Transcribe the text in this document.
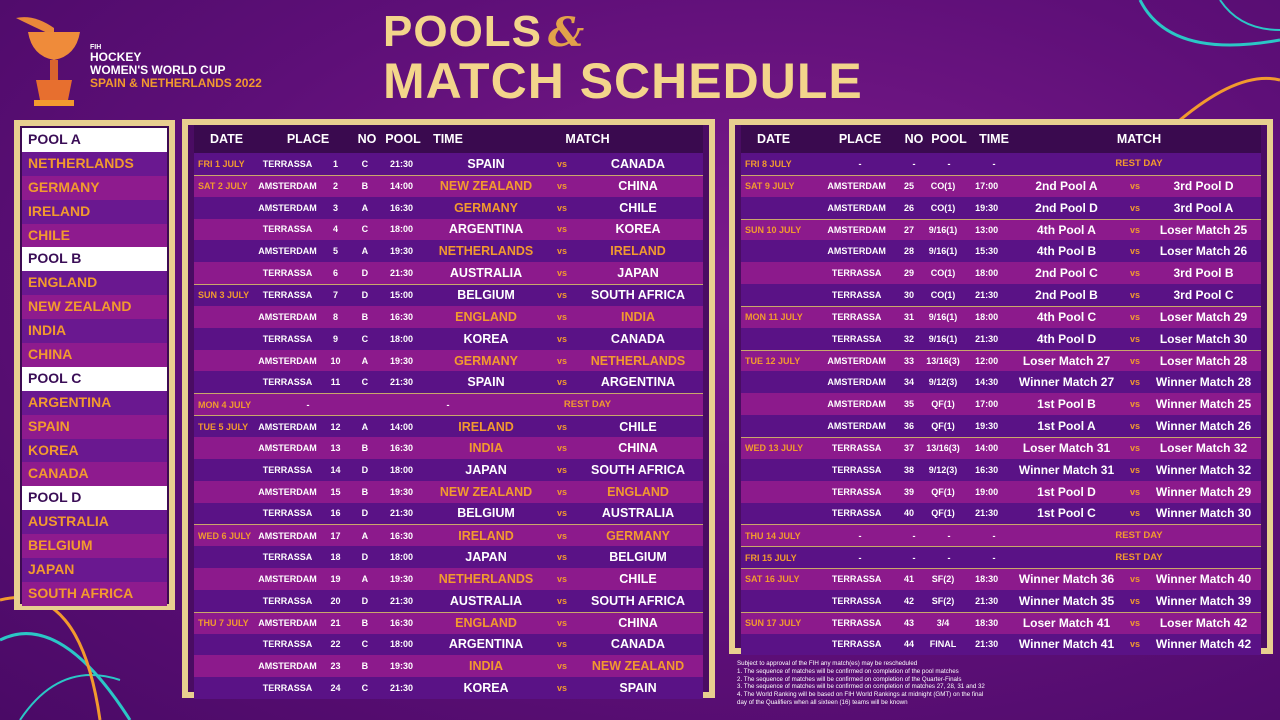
FIH
HOCKEY
WOMEN'S WORLD CUP
SPAIN & NETHERLANDS 2022
POOLS &
MATCH SCHEDULE
POOL A
NETHERLANDS
GERMANY
IRELAND
CHILE
POOL B
ENGLAND
NEW ZEALAND
INDIA
CHINA
POOL C
ARGENTINA
SPAIN
KOREA
CANADA
POOL D
AUSTRALIA
BELGIUM
JAPAN
SOUTH AFRICA
DATE	PLACE	NO POOL TIME	MATCH
FRI 1 JULY	TERRASSA	1	C	21:30	SPAIN	vs	CANADA
SAT 2 JULY	AMSTERDAM	2	B	14:00	NEW ZEALAND	vs	CHINA
AMSTERDAM	3	A	16:30	GERMANY	vs	CHILE
TERRASSA	4	C	18:00	ARGENTINA	vs	KOREA
AMSTERDAM	5	A	19:30	NETHERLANDS	vs	IRELAND
TERRASSA	6	D	21:30	AUSTRALIA	vs	JAPAN
SUN 3 JULY	TERRASSA	7	D	15:00	BELGIUM	vs	SOUTH AFRICA
AMSTERDAM	8	B	16:30	ENGLAND	vs	INDIA
TERRASSA	9	C	18:00	KOREA	vs	CANADA
AMSTERDAM	10	A	19:30	GERMANY	vs	NETHERLANDS
TERRASSA	11	C	21:30	SPAIN	vs	ARGENTINA
MON 4 JULY	-	-	REST DAY
TUE 5 JULY	AMSTERDAM	12	A	14:00	IRELAND	vs	CHILE
AMSTERDAM	13	B	16:30	INDIA	vs	CHINA
TERRASSA	14	D	18:00	JAPAN	vs	SOUTH AFRICA
AMSTERDAM	15	B	19:30	NEW ZEALAND	vs	ENGLAND
TERRASSA	16	D	21:30	BELGIUM	vs	AUSTRALIA
WED 6 JULY AMSTERDAM	17	A	16:30	IRELAND	vs	GERMANY
TERRASSA	18	D	18:00	JAPAN	vs	BELGIUM
AMSTERDAM	19	A	19:30	NETHERLANDS	vs	CHILE
TERRASSA	20	D	21:30	AUSTRALIA	vs	SOUTH AFRICA
THU 7 JULY	AMSTERDAM	21	B	16:30	ENGLAND	vs	CHINA
TERRASSA	22	C	18:00	ARGENTINA	vs	CANADA
AMSTERDAM	23	B	19:30	INDIA	vs	NEW ZEALAND
TERRASSA	24	C	21:30	KOREA	vs	SPAIN
DATE	PLACE	NO POOL TIME	MATCH
FRI 8 JULY	-	-	-	-	REST DAY
SAT 9 JULY	AMSTERDAM	25	CO(1)	17:00	2nd Pool A	vs	3rd Pool D
AMSTERDAM	26	CO(1)	19:30	2nd Pool D	vs	3rd Pool A
SUN 10 JULY	AMSTERDAM	27	9/16(1)	13:00	4th Pool A	vs	Loser Match 25
AMSTERDAM	28	9/16(1)	15:30	4th Pool B	vs	Loser Match 26
TERRASSA	29	CO(1)	18:00	2nd Pool C	vs	3rd Pool B
TERRASSA	30	CO(1)	21:30	2nd Pool B	vs	3rd Pool C
MON 11 JULY	TERRASSA	31	9/16(1)	18:00	4th Pool C	vs	Loser Match 29
TERRASSA	32	9/16(1)	21:30	4th Pool D	vs	Loser Match 30
TUE 12 JULY	AMSTERDAM	33	13/16(3)	12:00	Loser Match 27	vs	Loser Match 28
AMSTERDAM	34	9/12(3)	14:30	Winner Match 27	vs	Winner Match 28
AMSTERDAM	35	QF(1)	17:00	1st Pool B	vs	Winner Match 25
AMSTERDAM	36	QF(1)	19:30	1st Pool A	vs	Winner Match 26
WED 13 JULY	TERRASSA	37	13/16(3)	14:00	Loser Match 31	vs	Loser Match 32
TERRASSA	38	9/12(3)	16:30	Winner Match 31	vs	Winner Match 32
TERRASSA	39	QF(1)	19:00	1st Pool D	vs	Winner Match 29
TERRASSA	40	QF(1)	21:30	1st Pool C	vs	Winner Match 30
THU 14 JULY	-	-	-	-	REST DAY
FRI 15 JULY	-	-	-	-	REST DAY
SAT 16 JULY	TERRASSA	41	SF(2)	18:30	Winner Match 36	vs	Winner Match 40
TERRASSA	42	SF(2)	21:30	Winner Match 35	vs	Winner Match 39
SUN 17 JULY	TERRASSA	43	3/4	18:30	Loser Match 41	vs	Loser Match 42
TERRASSA	44	FINAL	21:30	Winner Match 41	vs	Winner Match 42
Subject to approval of the FIH any match(es) may be rescheduled
1. The sequence of matches will be confirmed on completion of the pool matches
2. The sequence of matches will be confirmed on completion of the Quarter-Finals
3. The sequence of matches will be confirmed on completion of matches 27, 28, 31 and 32
4. The World Ranking will be based on FIH World Rankings at midnight (GMT) on the final
day of the Qualifiers when all sixteen (16) teams will be known
